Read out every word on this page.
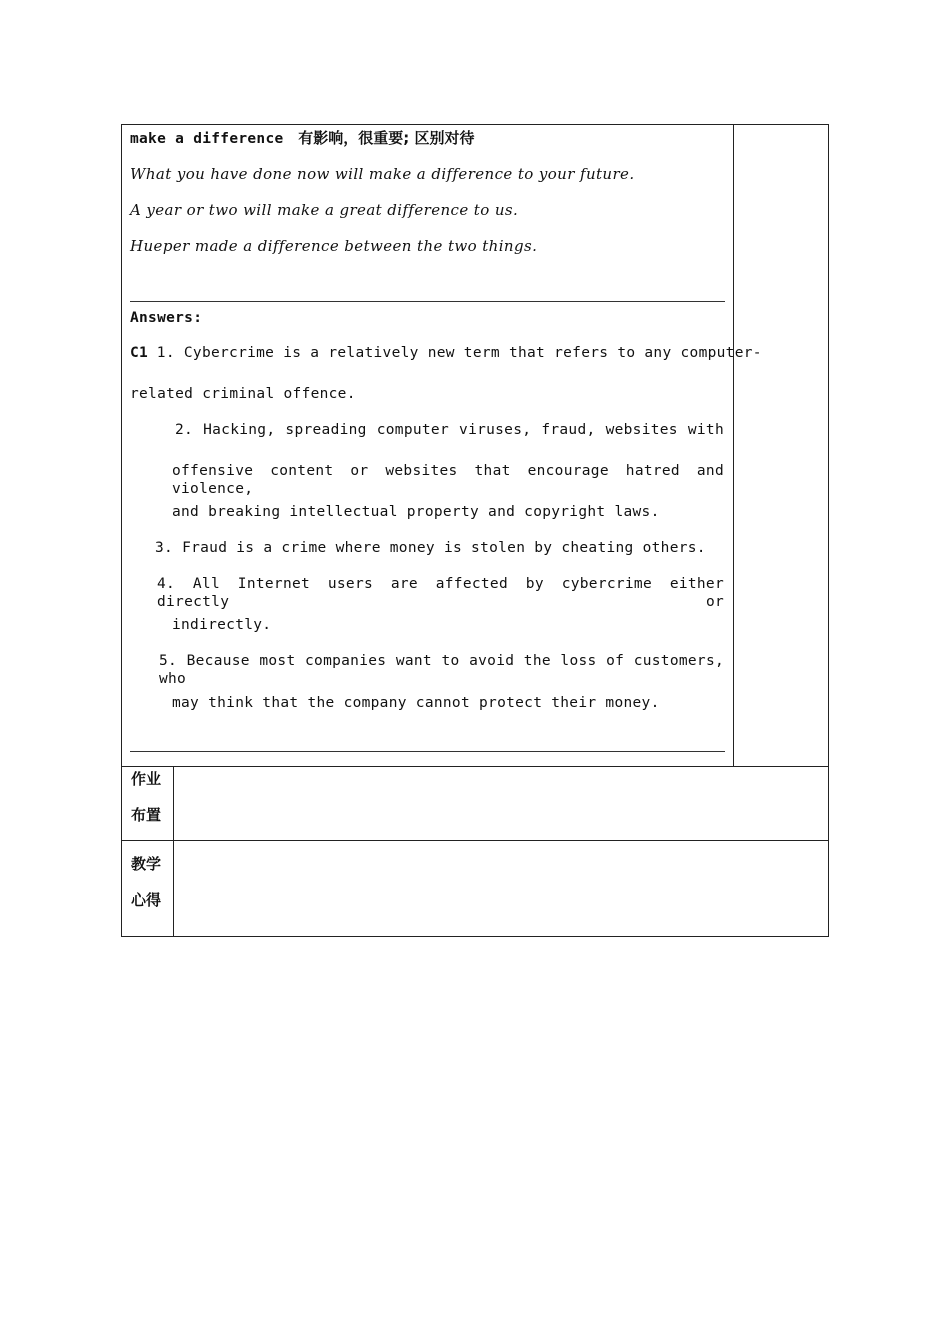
make a difference 有影响，很重要; 区别对待
What you have done now will make a difference to your future.
A year or two will make a great difference to us.
Hueper made a difference between the two things.
Answers:
C1 1. Cybercrime is a relatively new term that refers to any computer-
related criminal offence.
2. Hacking, spreading computer viruses, fraud, websites with
offensive content or websites that encourage hatred and violence,
and breaking intellectual property and copyright laws.
3. Fraud is a crime where money is stolen by cheating others.
4. All Internet users are affected by cybercrime either directly or
indirectly.
5. Because most companies want to avoid the loss of customers, who
may think that the company cannot protect their money.
作业
布置
教学
心得
